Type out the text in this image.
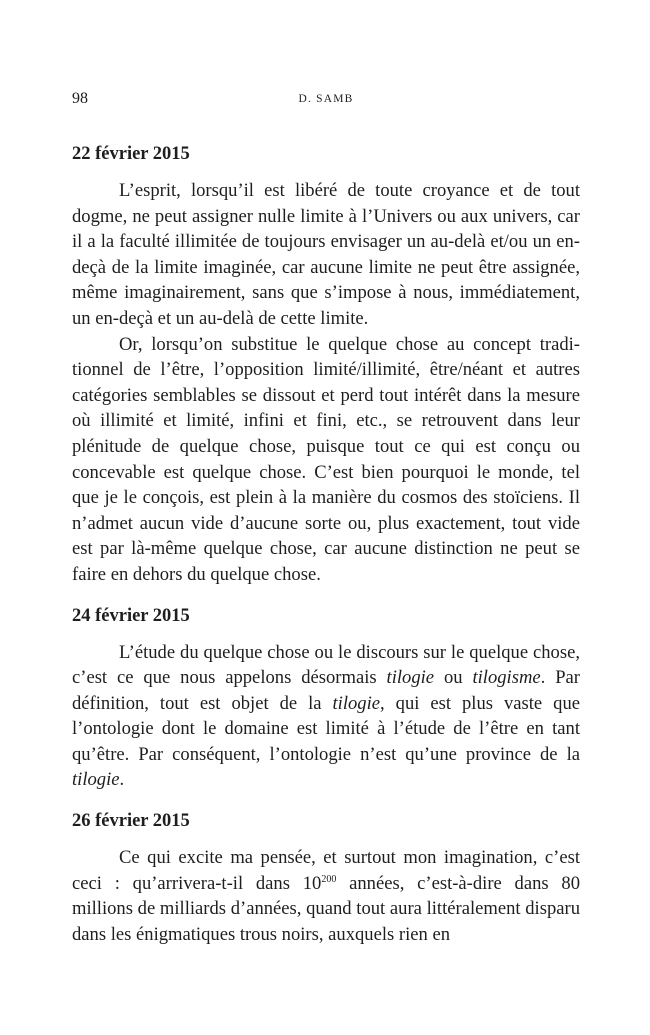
98	D. SAMB
22 février 2015

L’esprit, lorsqu’il est libéré de toute croyance et de tout dogme, ne peut assigner nulle limite à l’Univers ou aux univers, car il a la faculté illimitée de toujours envisager un au-delà et/ou un en-deçà de la limite imaginée, car aucune limite ne peut être assignée, même imaginairement, sans que s’impose à nous, immédiatement, un en-deçà et un au-delà de cette limite.

Or, lorsqu’on substitue le quelque chose au concept traditionnel de l’être, l’opposition limité/illimité, être/néant et autres catégories semblables se dissout et perd tout intérêt dans la mesure où illimité et limité, infini et fini, etc., se retrouvent dans leur plénitude de quelque chose, puisque tout ce qui est conçu ou concevable est quelque chose. C’est bien pourquoi le monde, tel que je le conçois, est plein à la manière du cosmos des stoïciens. Il n’admet aucun vide d’aucune sorte ou, plus exactement, tout vide est par là-même quelque chose, car aucune distinction ne peut se faire en dehors du quelque chose.

24 février 2015

L’étude du quelque chose ou le discours sur le quelque chose, c’est ce que nous appelons désormais tilogie ou tilogisme. Par définition, tout est objet de la tilogie, qui est plus vaste que l’ontologie dont le domaine est limité à l’étude de l’être en tant qu’être. Par conséquent, l’ontologie n’est qu’une province de la tilogie.

26 février 2015

Ce qui excite ma pensée, et surtout mon imagination, c’est ceci : qu’arrivera-t-il dans $10^{200}$ années, c’est-à-dire dans 80 millions de milliards d’années, quand tout aura littéralement disparu dans les énigmatiques trous noirs, auxquels rien en
